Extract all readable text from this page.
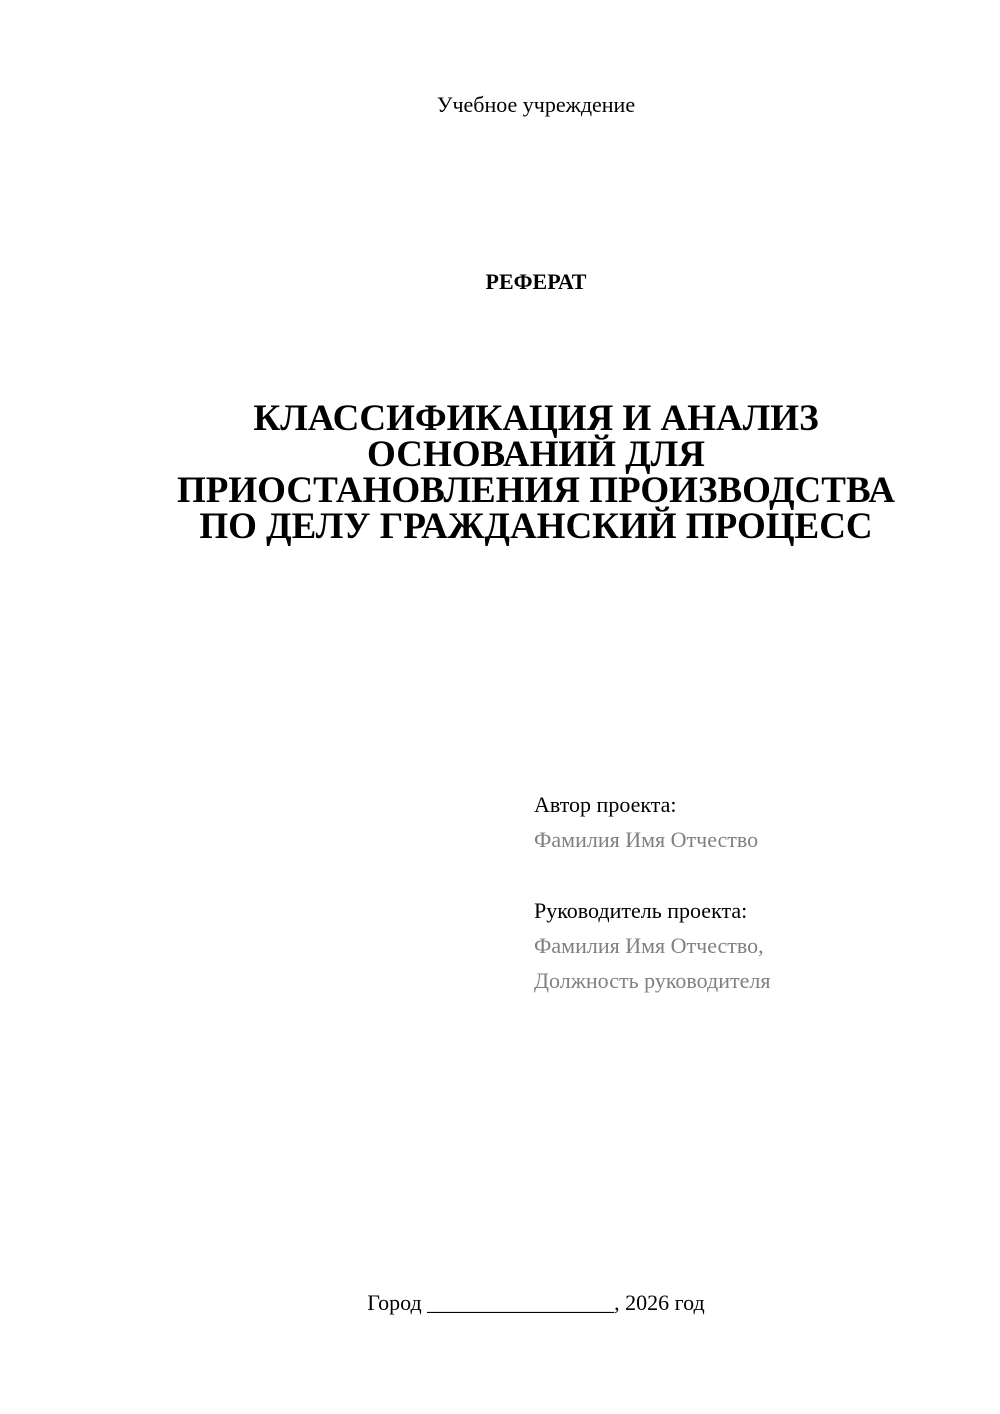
Учебное учреждение
РЕФЕРАТ
КЛАССИФИКАЦИЯ И АНАЛИЗ
ОСНОВАНИЙ ДЛЯ
ПРИОСТАНОВЛЕНИЯ ПРОИЗВОДСТВА
ПО ДЕЛУ ГРАЖДАНСКИЙ ПРОЦЕСС
Автор проекта:
Фамилия Имя Отчество
Руководитель проекта:
Фамилия Имя Отчество,
Должность руководителя
Город _________________, 2026 год
